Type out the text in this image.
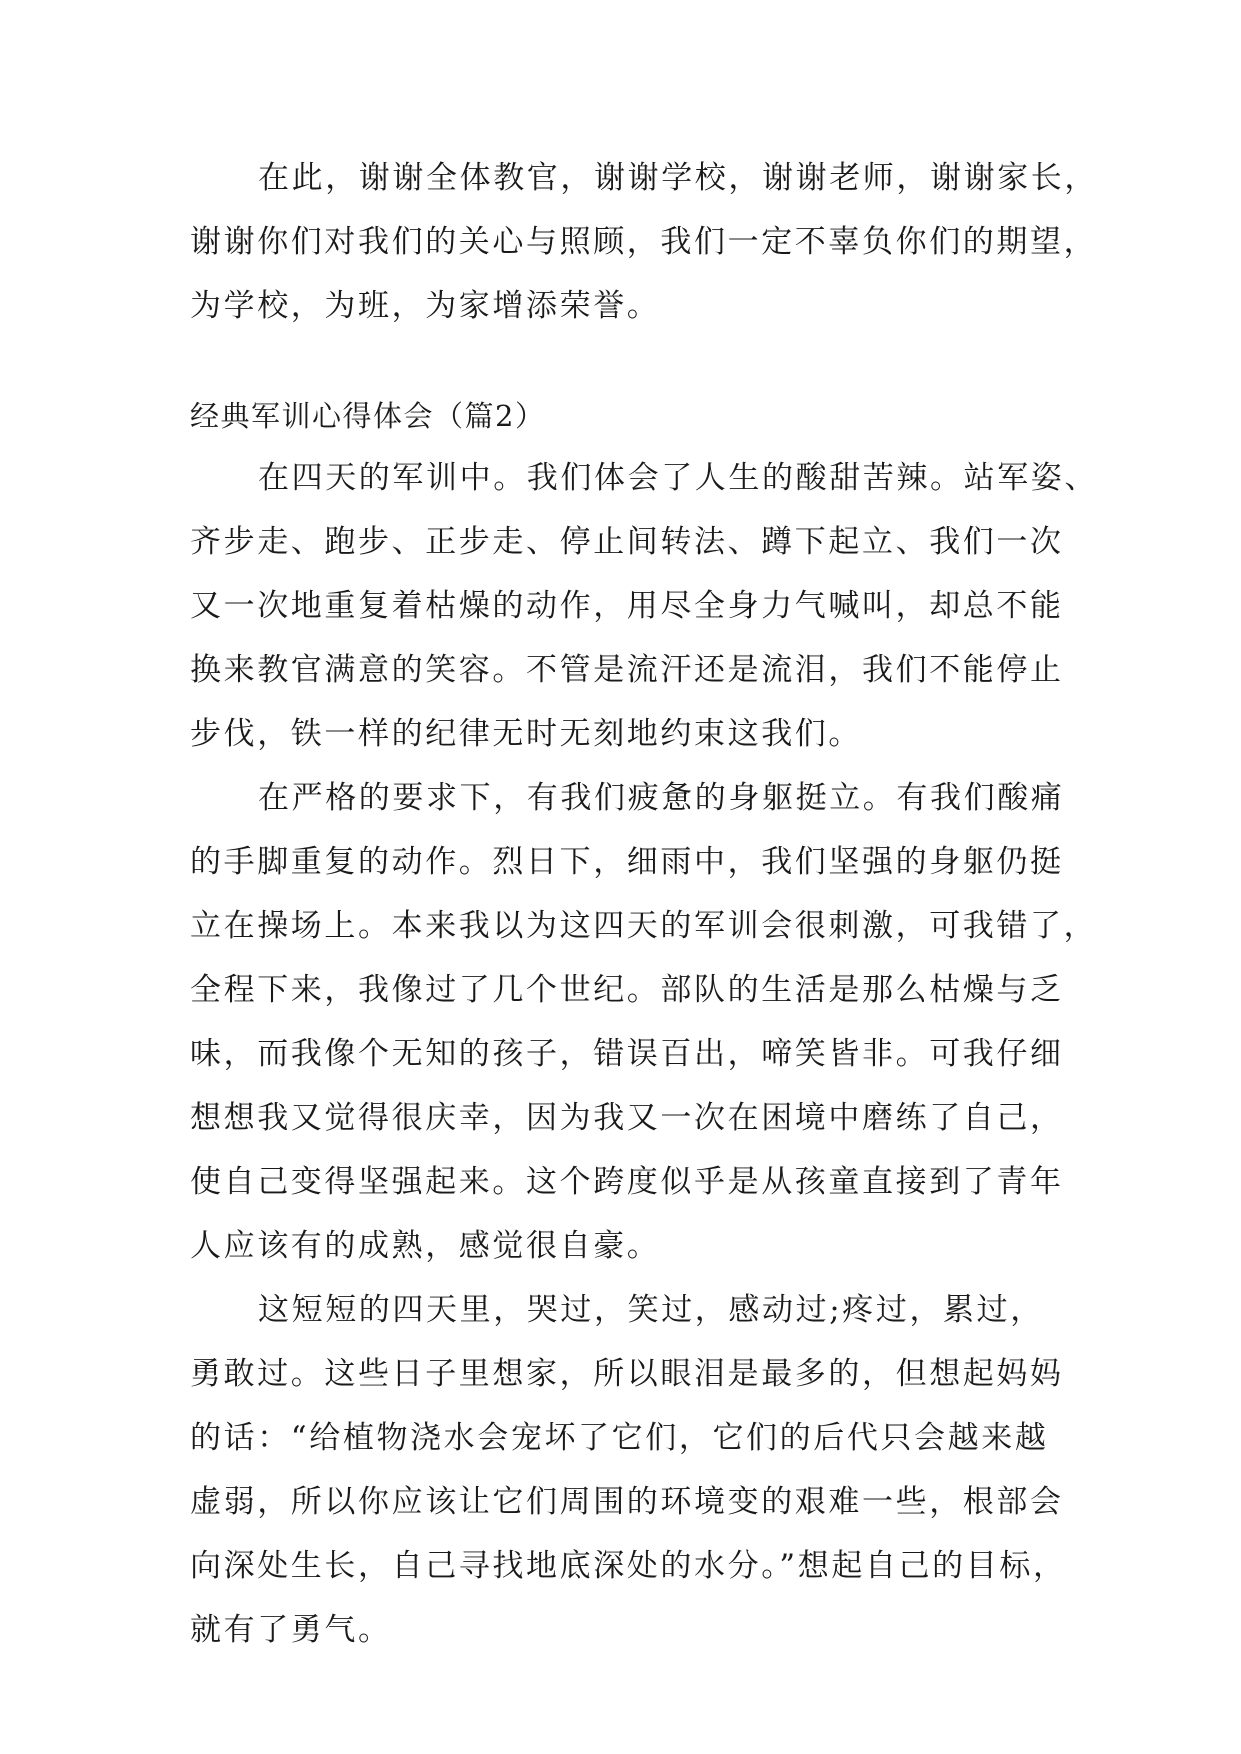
在此，谢谢全体教官，谢谢学校，谢谢老师，谢谢家长，
谢谢你们对我们的关心与照顾，我们一定不辜负你们的期望，
为学校，为班，为家增添荣誉。
经典军训心得体会（篇2）
在四天的军训中。我们体会了人生的酸甜苦辣。站军姿、
齐步走、跑步、正步走、停止间转法、蹲下起立、我们一次
又一次地重复着枯燥的动作，用尽全身力气喊叫，却总不能
换来教官满意的笑容。不管是流汗还是流泪，我们不能停止
步伐，铁一样的纪律无时无刻地约束这我们。
在严格的要求下，有我们疲惫的身躯挺立。有我们酸痛
的手脚重复的动作。烈日下，细雨中，我们坚强的身躯仍挺
立在操场上。本来我以为这四天的军训会很刺激，可我错了，
全程下来，我像过了几个世纪。部队的生活是那么枯燥与乏
味，而我像个无知的孩子，错误百出，啼笑皆非。可我仔细
想想我又觉得很庆幸，因为我又一次在困境中磨练了自己，
使自己变得坚强起来。这个跨度似乎是从孩童直接到了青年
人应该有的成熟，感觉很自豪。
这短短的四天里，哭过，笑过，感动过;疼过，累过，
勇敢过。这些日子里想家，所以眼泪是最多的，但想起妈妈
的话：“给植物浇水会宠坏了它们，它们的后代只会越来越
虚弱，所以你应该让它们周围的环境变的艰难一些，根部会
向深处生长，自己寻找地底深处的水分。”想起自己的目标，
就有了勇气。
